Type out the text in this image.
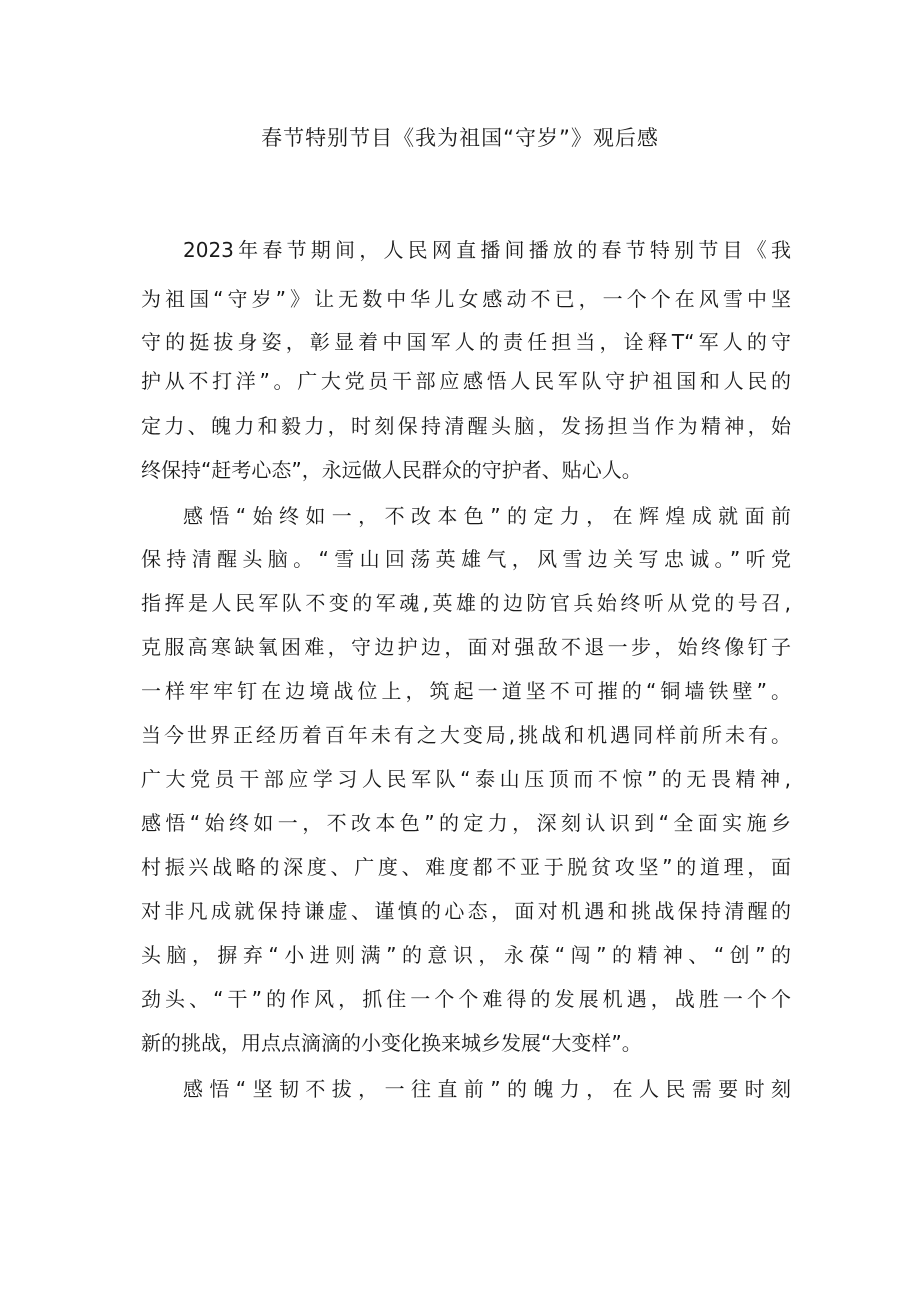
春节特别节目《我为祖国“守岁”》观后感
2023年春节期间，人民网直播间播放的春节特别节目《我
为祖国“守岁”》让无数中华儿女感动不已，一个个在风雪中坚
守的挺拔身姿，彰显着中国军人的责任担当，诠释T“军人的守
护从不打洋”。广大党员干部应感悟人民军队守护祖国和人民的
定力、魄力和毅力，时刻保持清醒头脑，发扬担当作为精神，始
终保持“赶考心态”，永远做人民群众的守护者、贴心人。
感悟“始终如一，不改本色”的定力，在辉煌成就面前
保持清醒头脑。“雪山回荡英雄气，风雪边关写忠诚。”听党
指挥是人民军队不变的军魂,英雄的边防官兵始终听从党的号召,
克服高寒缺氧困难，守边护边，面对强敌不退一步，始终像钉子
一样牢牢钉在边境战位上，筑起一道坚不可摧的“铜墙铁壁”。
当今世界正经历着百年未有之大变局,挑战和机遇同样前所未有。
广大党员干部应学习人民军队“泰山压顶而不惊”的无畏精神,
感悟“始终如一，不改本色”的定力，深刻认识到“全面实施乡
村振兴战略的深度、广度、难度都不亚于脱贫攻坚”的道理，面
对非凡成就保持谦虚、谨慎的心态，面对机遇和挑战保持清醒的
头脑，摒弃“小进则满”的意识，永葆“闯”的精神、“创”的
劲头、“干”的作风，抓住一个个难得的发展机遇，战胜一个个
新的挑战，用点点滴滴的小变化换来城乡发展“大变样”。
感悟“坚韧不拔，一往直前”的魄力，在人民需要时刻
